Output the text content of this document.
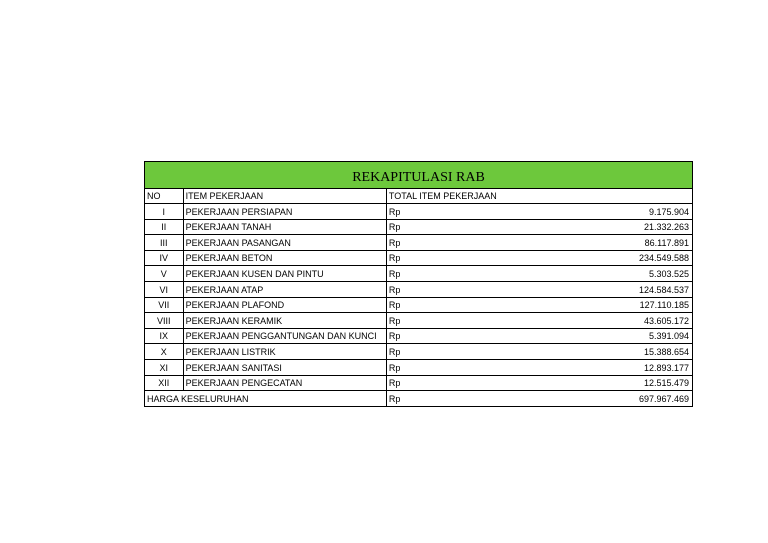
REKAPITULASI RAB
NO	ITEM PEKERJAAN	TOTAL ITEM PEKERJAAN	
I	PEKERJAAN PERSIAPAN	Rp	9.175.904
II	PEKERJAAN TANAH	Rp	21.332.263
III	PEKERJAAN PASANGAN	Rp	86.117.891
IV	PEKERJAAN BETON	Rp	234.549.588
V	PEKERJAAN KUSEN DAN PINTU	Rp	5.303.525
VI	PEKERJAAN ATAP	Rp	124.584.537
VII	PEKERJAAN PLAFOND	Rp	127.110.185
VIII	PEKERJAAN KERAMIK	Rp	43.605.172
IX	PEKERJAAN PENGGANTUNGAN DAN KUNCI	Rp	5.391.094
X	PEKERJAAN LISTRIK	Rp	15.388.654
XI	PEKERJAAN SANITASI	Rp	12.893.177
XII	PEKERJAAN PENGECATAN	Rp	12.515.479
HARGA KESELURUHAN		Rp	697.967.469
